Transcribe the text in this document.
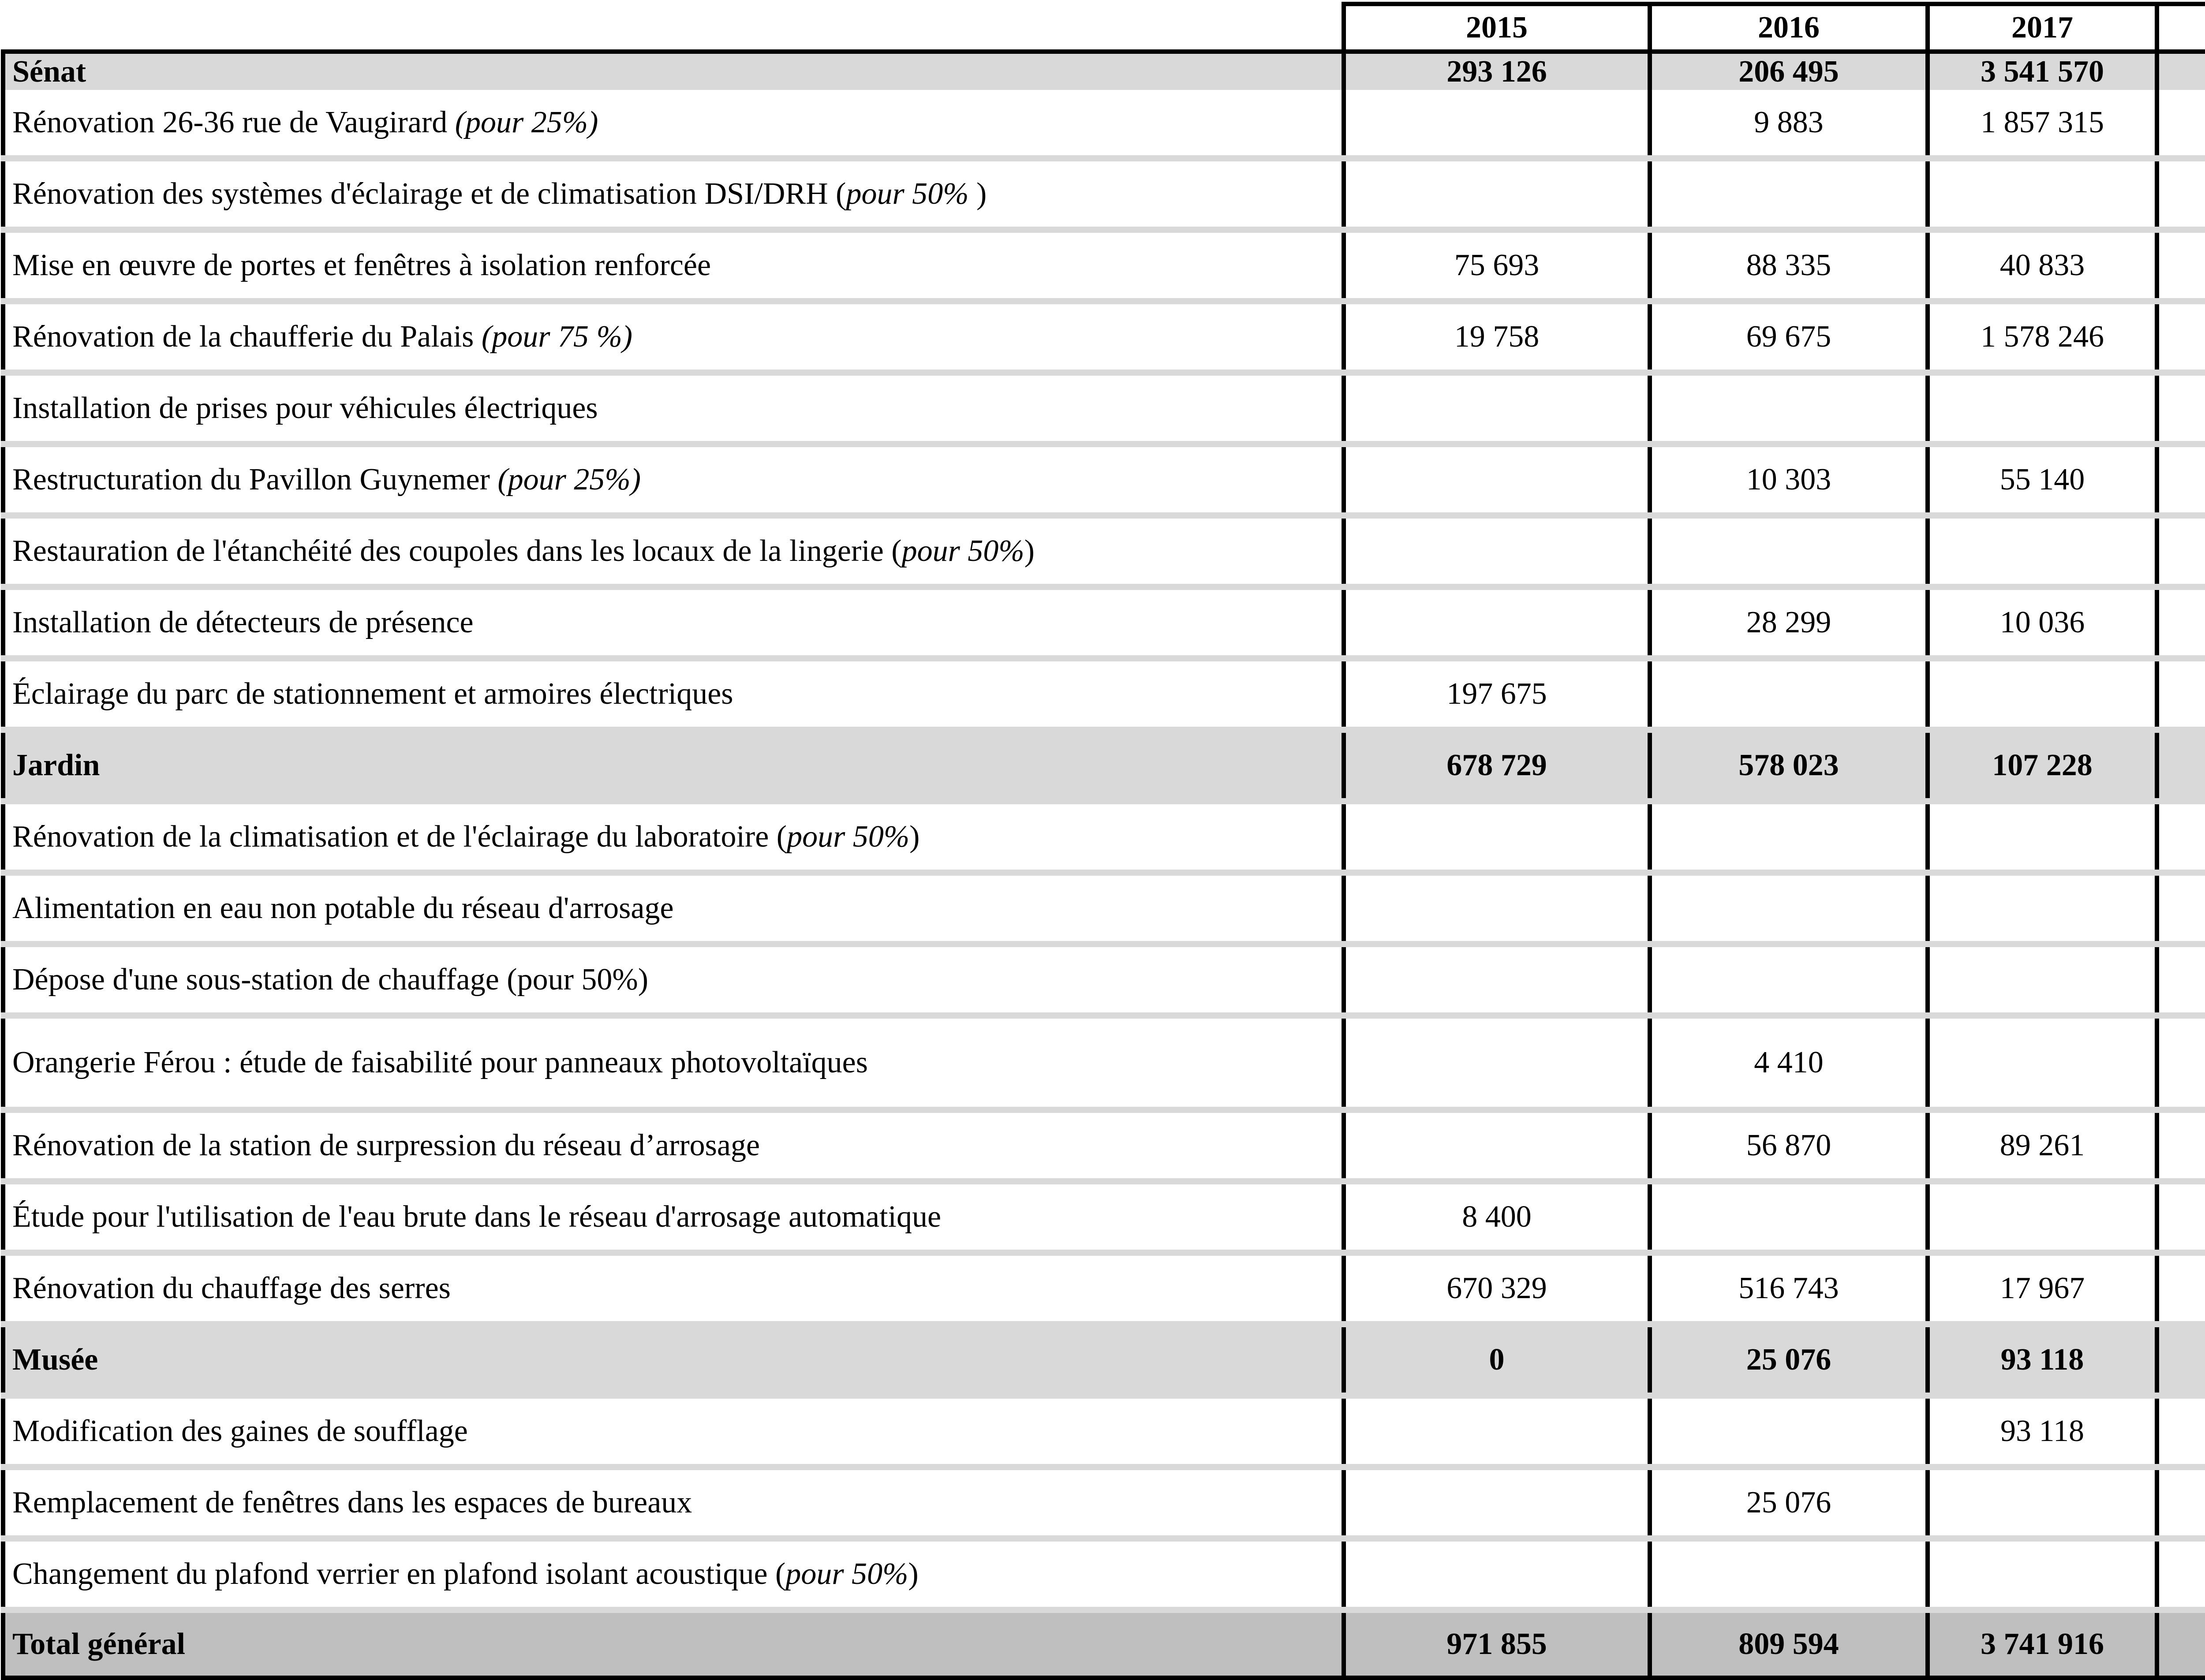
	2015	2016	2017		
Sénat	293 126	206 495	3 541 570		
Rénovation 26-36 rue de Vaugirard (pour 25%)		9 883	1 857 315		
Rénovation des systèmes d'éclairage et de climatisation DSI/DRH (pour 50% )					
Mise en œuvre de portes et fenêtres à isolation renforcée	75 693	88 335	40 833		
Rénovation de la chaufferie du Palais (pour 75 %)	19 758	69 675	1 578 246		
Installation de prises pour véhicules électriques					
Restructuration du Pavillon Guynemer (pour 25%)		10 303	55 140		
Restauration de l'étanchéité des coupoles dans les locaux de la lingerie (pour 50%)					
Installation de détecteurs de présence		28 299	10 036		
Éclairage du parc de stationnement et armoires électriques	197 675				
Jardin	678 729	578 023	107 228		
Rénovation de la climatisation et de l'éclairage du laboratoire (pour 50%)					
Alimentation en eau non potable du réseau d'arrosage					
Dépose d'une sous-station de chauffage (pour 50%)					
Orangerie Férou : étude de faisabilité pour panneaux photovoltaïques		4 410			
Rénovation de la station de surpression du réseau d’arrosage		56 870	89 261		
Étude pour l'utilisation de l'eau brute dans le réseau d'arrosage automatique	8 400				
Rénovation du chauffage des serres	670 329	516 743	17 967		
Musée	0	25 076	93 118		
Modification des gaines de soufflage			93 118		
Remplacement de fenêtres dans les espaces de bureaux		25 076			
Changement du plafond verrier en plafond isolant acoustique (pour 50%)					
Total général	971 855	809 594	3 741 916		
